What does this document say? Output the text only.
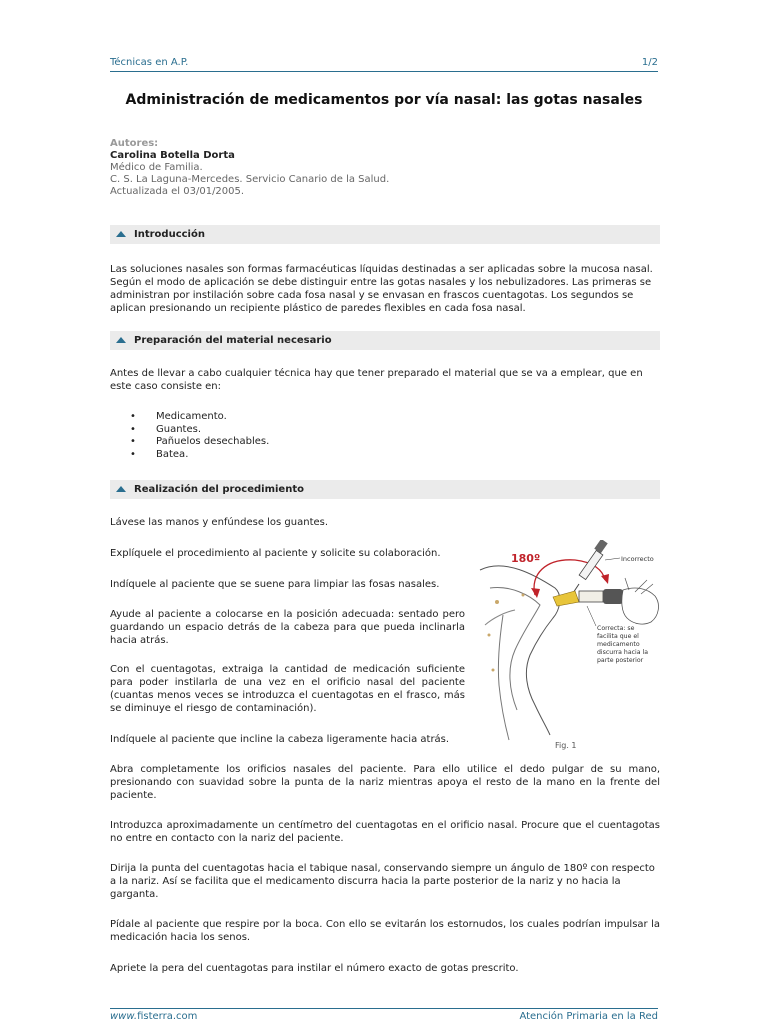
Técnicas en A.P.	1/2
Administración de medicamentos por vía nasal: las gotas nasales
Autores:
Carolina Botella Dorta
Médico de Familia.
C. S. La Laguna-Mercedes. Servicio Canario de la Salud.
Actualizada el 03/01/2005.
Introducción

Las soluciones nasales son formas farmacéuticas líquidas destinadas a ser aplicadas sobre la mucosa nasal. Según el modo de aplicación se debe distinguir entre las gotas nasales y los nebulizadores. Las primeras se administran por instilación sobre cada fosa nasal y se envasan en frascos cuentagotas. Los segundos se aplican presionando un recipiente plástico de paredes flexibles en cada fosa nasal.

Preparación del material necesario

Antes de llevar a cabo cualquier técnica hay que tener preparado el material que se va a emplear, que en este caso consiste en:

• Medicamento.
• Guantes.
• Pañuelos desechables.
• Batea.
Realización del procedimiento

Lávese las manos y enfúndese los guantes.

Explíquele el procedimiento al paciente y solicite su colaboración.

Indíquele al paciente que se suene para limpiar las fosas nasales.

Ayude al paciente a colocarse en la posición adecuada: sentado pero guardando un espacio detrás de la cabeza para que pueda inclinarla hacia atrás.

Con el cuentagotas, extraiga la cantidad de medicación suficiente para poder instilarla de una vez en el orificio nasal del paciente (cuantas menos veces se introduzca el cuentagotas en el frasco, más se diminuye el riesgo de contaminación).

Indíquele al paciente que incline la cabeza ligeramente hacia atrás.

Abra completamente los orificios nasales del paciente. Para ello utilice el dedo pulgar de su mano, presionando con suavidad sobre la punta de la nariz mientras apoya el resto de la mano en la frente del paciente.

Introduzca aproximadamente un centímetro del cuentagotas en el orificio nasal. Procure que el cuentagotas no entre en contacto con la nariz del paciente.

Dirija la punta del cuentagotas hacia el tabique nasal, conservando siempre un ángulo de 180º con respecto a la nariz. Así se facilita que el medicamento discurra hacia la parte posterior de la nariz y no hacia la garganta.

Pídale al paciente que respire por la boca. Con ello se evitarán los estornudos, los cuales podrían impulsar la medicación hacia los senos.

Apriete la pera del cuentagotas para instilar el número exacto de gotas prescrito.

180º	Incorrecto
Correcta: se facilita que el medicamento discurra hacia la parte posterior
Fig. 1
www.fisterra.com	Atención Primaria en la Red
